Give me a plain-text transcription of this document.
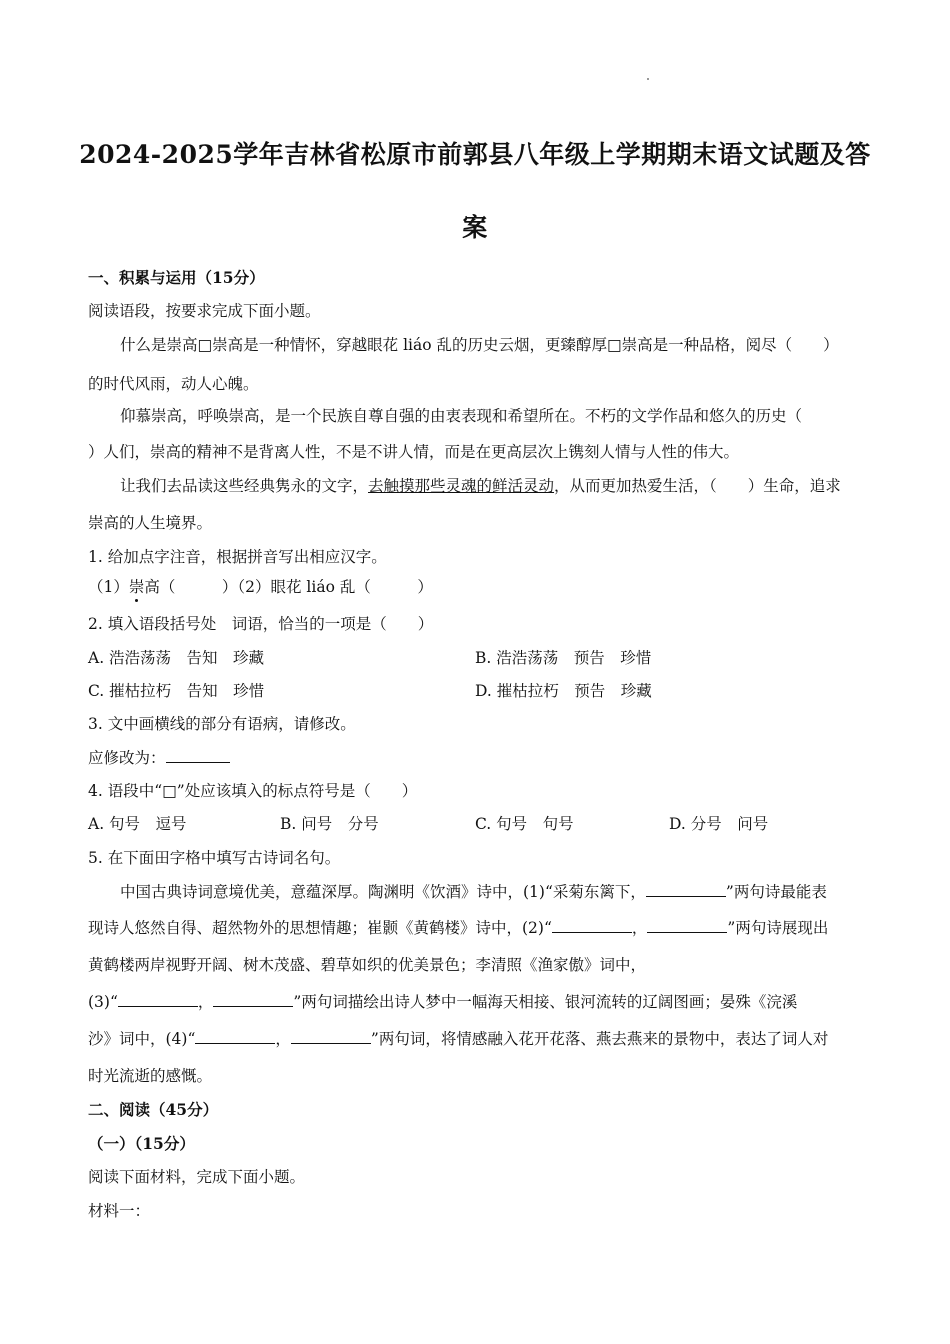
2024-2025学年吉林省松原市前郭县八年级上学期期末语文试题及答
案
一、积累与运用（15分）
阅读语段，按要求完成下面小题。
什么是崇高□崇高是一种情怀，穿越眼花 liáo 乱的历史云烟，更臻醇厚□崇高是一种品格，阅尽（　　）
的时代风雨，动人心魄。
仰慕崇高，呼唤崇高，是一个民族自尊自强的由衷表现和希望所在。不朽的文学作品和悠久的历史（
）人们，崇高的精神不是背离人性，不是不讲人情，而是在更高层次上镌刻人情与人性的伟大。
让我们去品读这些经典隽永的文字，去触摸那些灵魂的鲜活灵动，从而更加热爱生活，（　　）生命，追求
崇高的人生境界。
1. 给加点字注音，根据拼音写出相应汉字。
（1）崇高（　　　）（2）眼花 liáo 乱（　　　）
2. 填入语段括号处　词语，恰当的一项是（　　）
A. 浩浩荡荡　告知　珍藏	B. 浩浩荡荡　预告　珍惜
C. 摧枯拉朽　告知　珍惜	D. 摧枯拉朽　预告　珍藏
3. 文中画横线的部分有语病，请修改。
应修改为：
4. 语段中“□”处应该填入的标点符号是（　　）
A. 句号　逗号	B. 问号　分号	C. 句号　句号	D. 分号　问号
5. 在下面田字格中填写古诗词名句。
中国古典诗词意境优美，意蕴深厚。陶渊明《饮酒》诗中，(1)“采菊东篱下，	”两句诗最能表
现诗人悠然自得、超然物外的思想情趣；崔颢《黄鹤楼》诗中，(2)“	，	”两句诗展现出
黄鹤楼两岸视野开阔、树木茂盛、碧草如织的优美景色；李清照《渔家傲》词中，
(3)“	，	”两句词描绘出诗人梦中一幅海天相接、银河流转的辽阔图画；晏殊《浣溪
沙》词中，(4)“	，	”两句词，将情感融入花开花落、燕去燕来的景物中，表达了词人对
时光流逝的感慨。
二、阅读（45分）
（一）（15分）
阅读下面材料，完成下面小题。
材料一：
